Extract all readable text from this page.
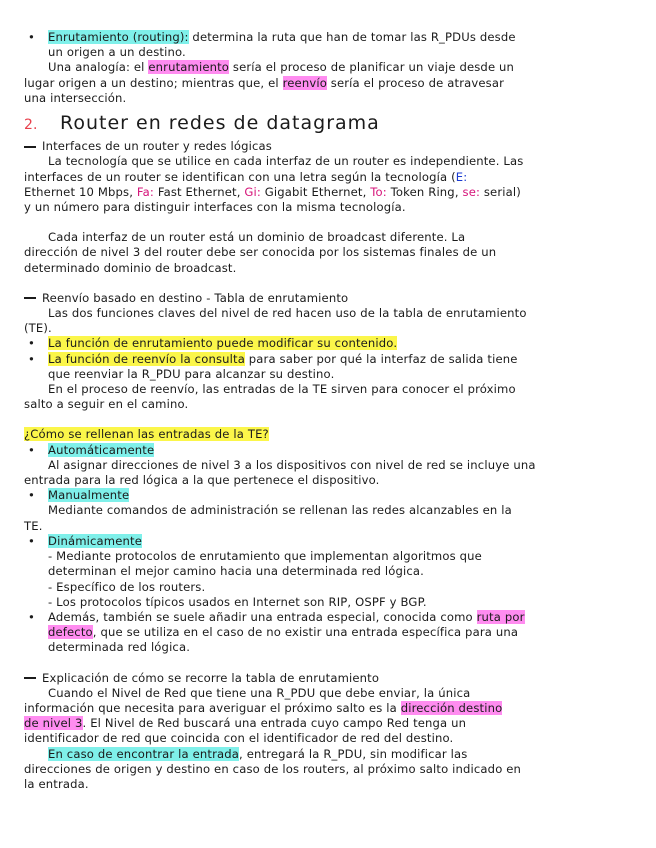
• Enrutamiento (routing): determina la ruta que han de tomar las R_PDUs desde

un origen a un destino.

Una analogía: el enrutamiento sería el proceso de planificar un viaje desde un

lugar origen a un destino; mientras que, el reenvío sería el proceso de atravesar

una intersección.

2.	Router en redes de datagrama
Interfaces de un router y redes lógicas

La tecnología que se utilice en cada interfaz de un router es independiente. Las

interfaces de un router se identifican con una letra según la tecnología (E:

Ethernet 10 Mbps, Fa: Fast Ethernet, Gi: Gigabit Ethernet, To: Token Ring, se: serial)

y un número para distinguir interfaces con la misma tecnología.

Cada interfaz de un router está un dominio de broadcast diferente. La

dirección de nivel 3 del router debe ser conocida por los sistemas finales de un

determinado dominio de broadcast.

Reenvío basado en destino - Tabla de enrutamiento

Las dos funciones claves del nivel de red hacen uso de la tabla de enrutamiento

(TE).

• La función de enrutamiento puede modificar su contenido.

• La función de reenvío la consulta para saber por qué la interfaz de salida tiene

que reenviar la R_PDU para alcanzar su destino.

En el proceso de reenvío, las entradas de la TE sirven para conocer el próximo

salto a seguir en el camino.

¿Cómo se rellenan las entradas de la TE?

• Automáticamente

Al asignar direcciones de nivel 3 a los dispositivos con nivel de red se incluye una

entrada para la red lógica a la que pertenece el dispositivo.

• Manualmente

Mediante comandos de administración se rellenan las redes alcanzables en la

TE.

• Dinámicamente

- Mediante protocolos de enrutamiento que implementan algoritmos que

determinan el mejor camino hacia una determinada red lógica.

- Específico de los routers.

- Los protocolos típicos usados en Internet son RIP, OSPF y BGP.

• Además, también se suele añadir una entrada especial, conocida como ruta por

defecto, que se utiliza en el caso de no existir una entrada específica para una

determinada red lógica.

Explicación de cómo se recorre la tabla de enrutamiento

Cuando el Nivel de Red que tiene una R_PDU que debe enviar, la única

información que necesita para averiguar el próximo salto es la dirección destino

de nivel 3. El Nivel de Red buscará una entrada cuyo campo Red tenga un

identificador de red que coincida con el identificador de red del destino.

En caso de encontrar la entrada, entregará la R_PDU, sin modificar las

direcciones de origen y destino en caso de los routers, al próximo salto indicado en

la entrada.
